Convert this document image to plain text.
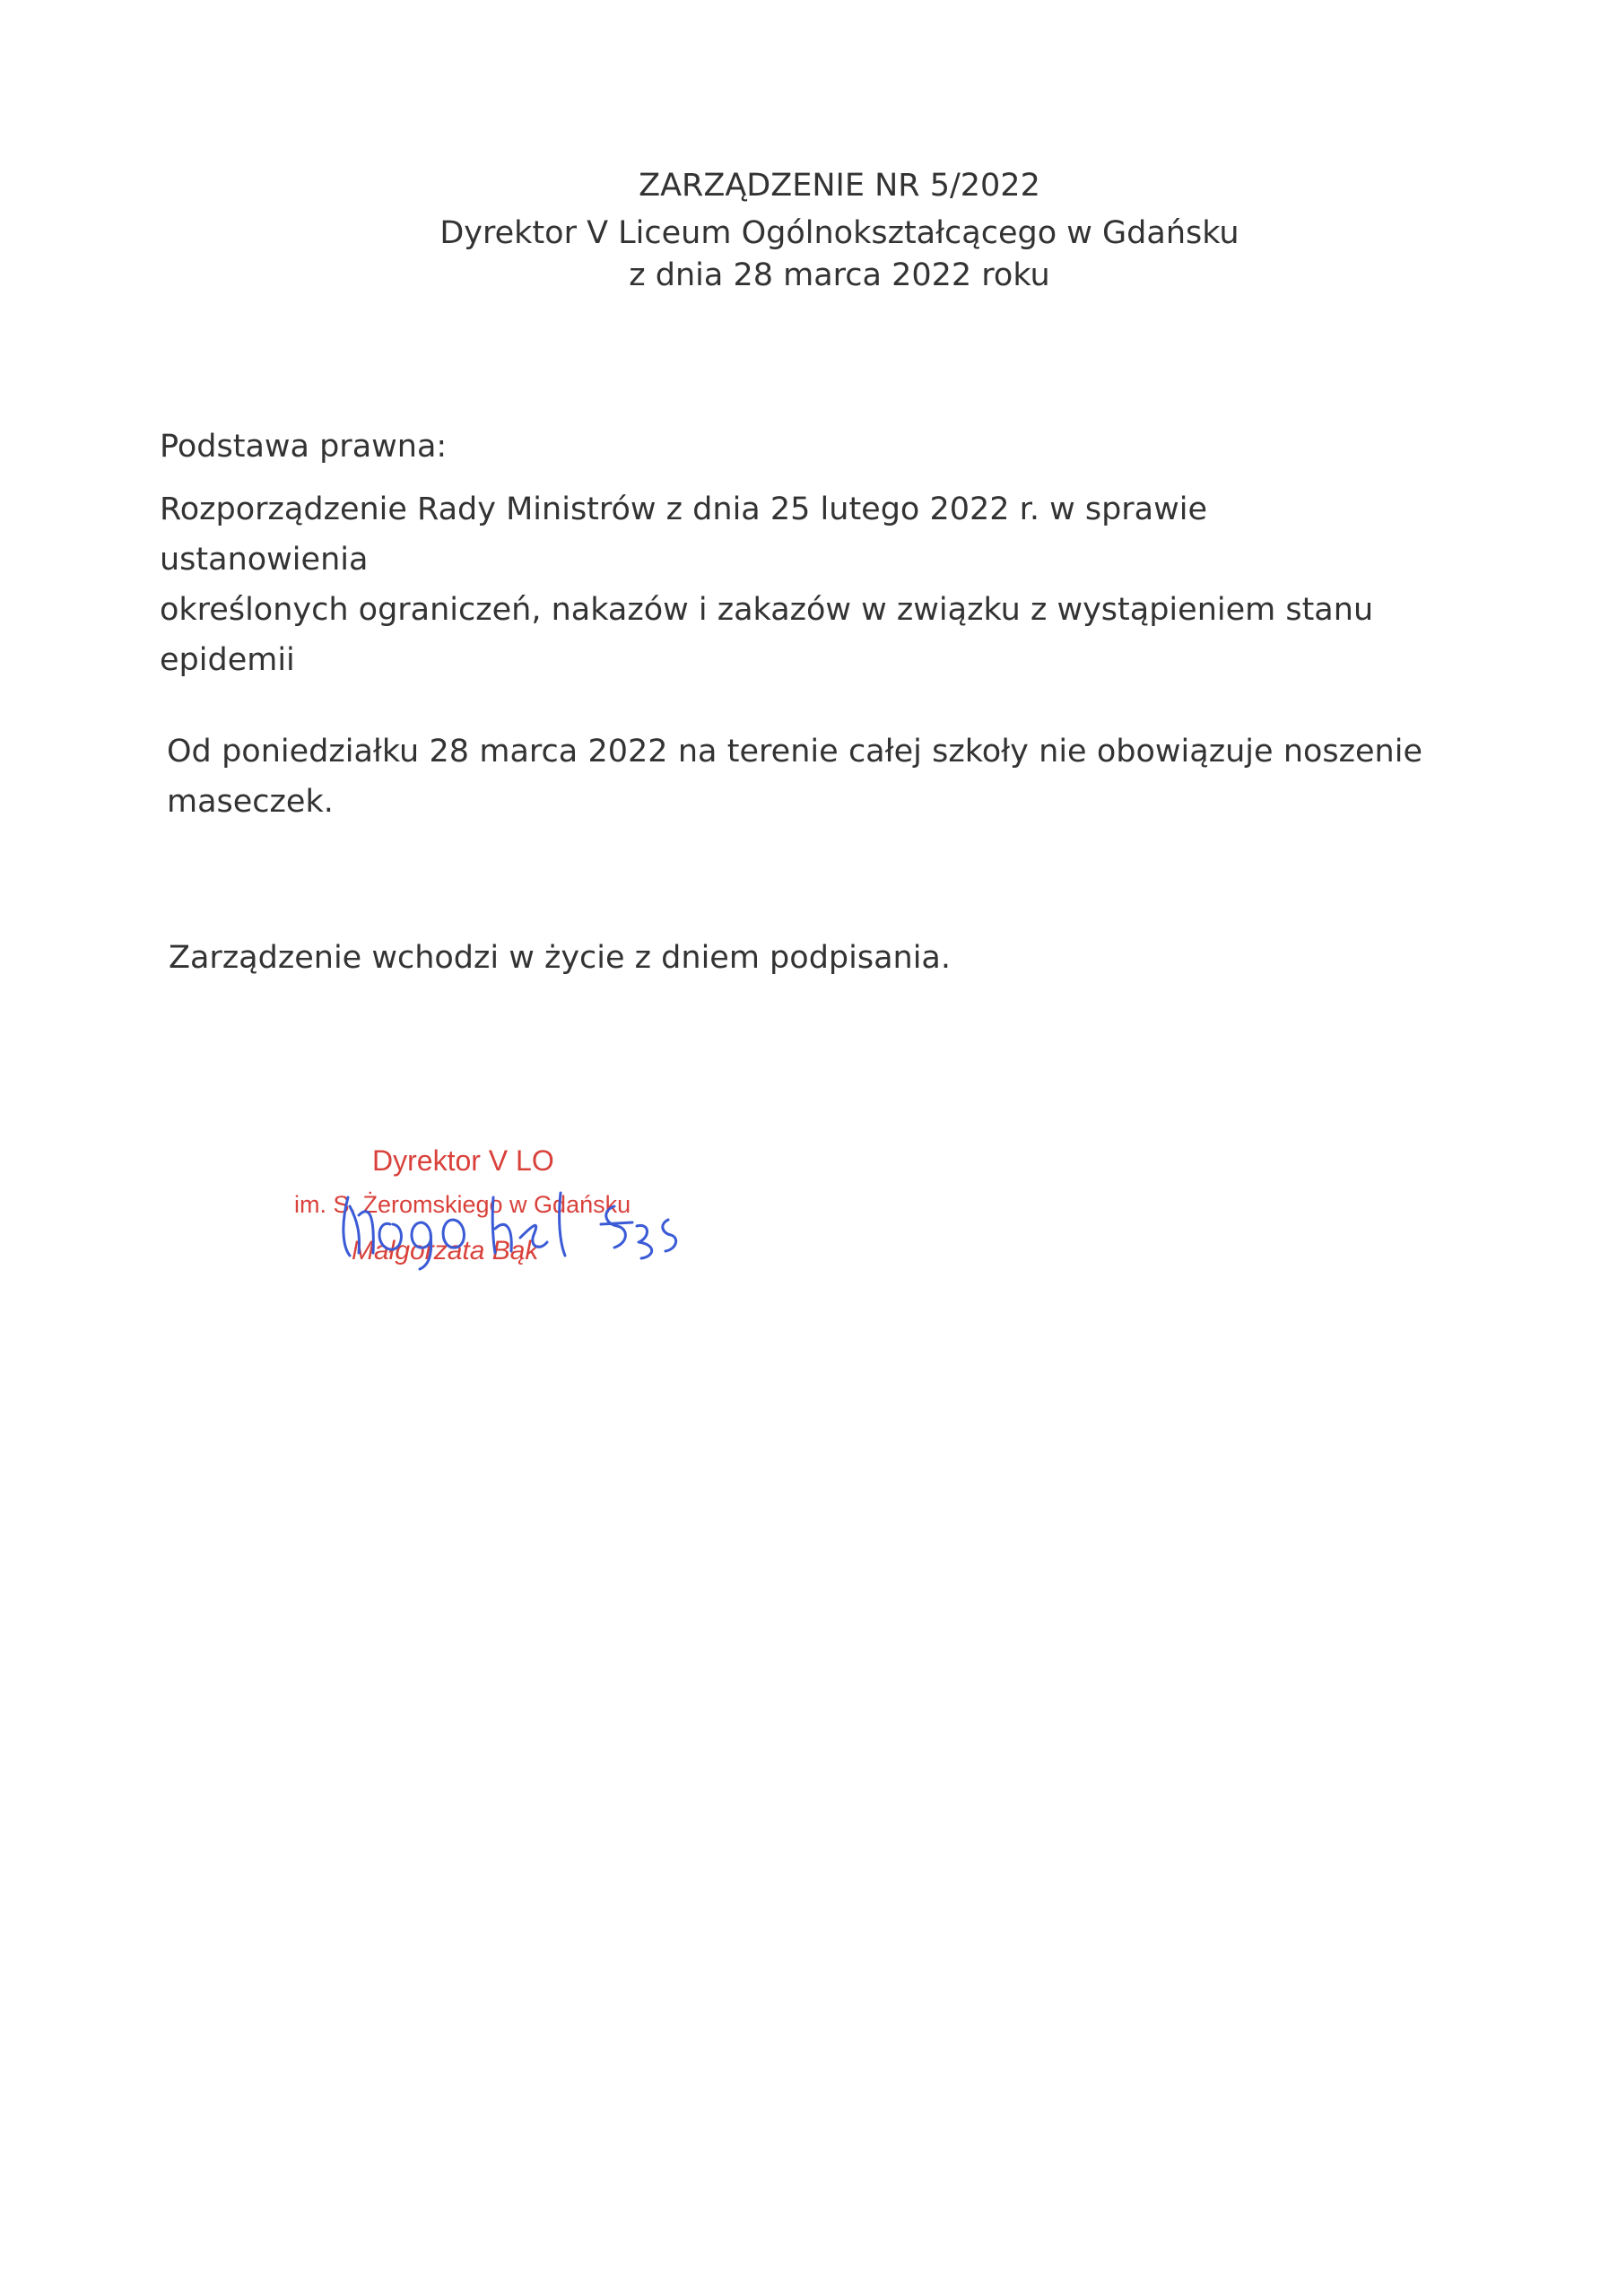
ZARZĄDZENIE NR 5/2022
Dyrektor V Liceum Ogólnokształcącego w Gdańsku
z dnia 28 marca 2022 roku
Podstawa prawna:
Rozporządzenie Rady Ministrów z dnia 25 lutego 2022 r. w sprawie ustanowienia
określonych ograniczeń, nakazów i zakazów w związku z wystąpieniem stanu
epidemii
Od poniedziałku 28 marca 2022 na terenie całej szkoły nie obowiązuje noszenie maseczek.
Zarządzenie wchodzi w życie z dniem podpisania.
Dyrektor V LO
im. S. Żeromskiego w Gdańsku
Małgorzata Bąk
